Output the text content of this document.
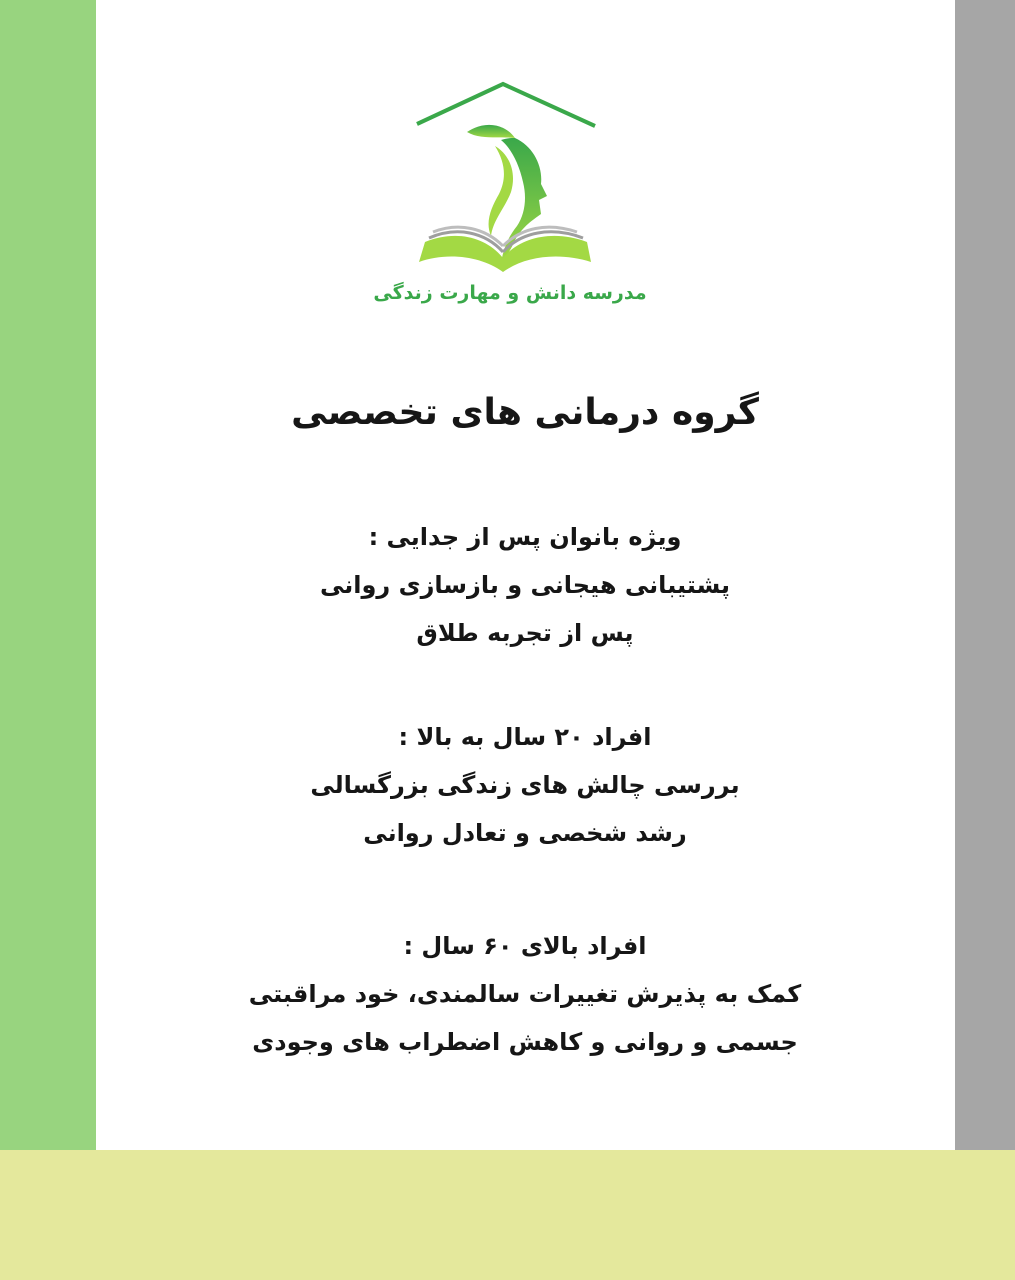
مدرسه دانش و مهارت زندگی
گروه درمانی های تخصصی
ویژه بانوان پس از جدایی :
پشتیبانی هیجانی و بازسازی روانی
پس از تجربه طلاق
افراد ۲۰ سال به بالا :
بررسی چالش های زندگی بزرگسالی
رشد شخصی و تعادل روانی
افراد بالای ۶۰ سال :
کمک به پذیرش تغییرات سالمندی، خود مراقبتی
جسمی و روانی و کاهش اضطراب های وجودی
